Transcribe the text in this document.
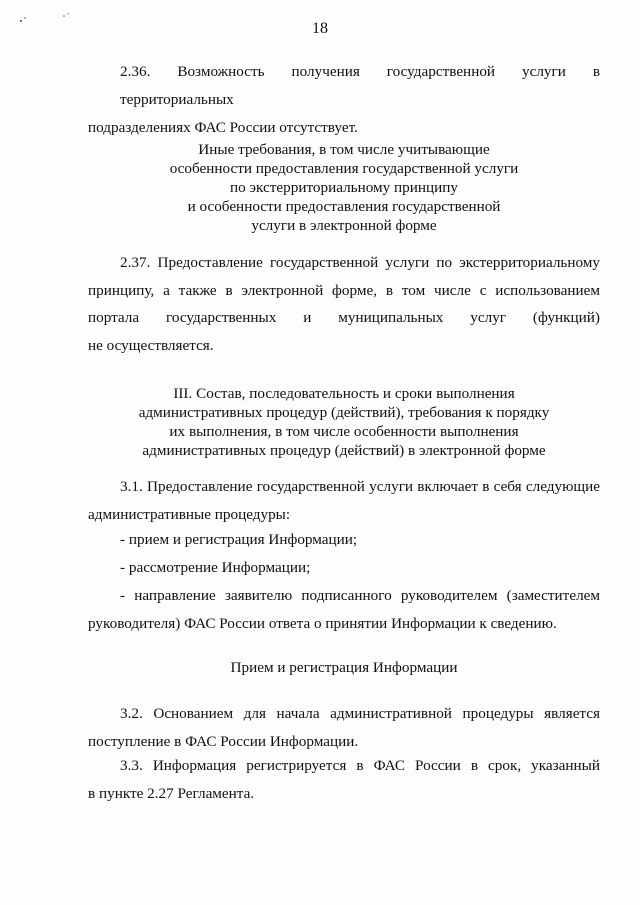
18
2.36. Возможность получения государственной услуги в территориальных
подразделениях ФАС России отсутствует.
Иные требования, в том числе учитывающие
особенности предоставления государственной услуги
по экстерриториальному принципу
и особенности предоставления государственной
услуги в электронной форме
2.37. Предоставление государственной услуги по экстерриториальному
принципу, а также в электронной форме, в том числе с использованием
портала государственных и муниципальных услуг (функций)
не осуществляется.
III. Состав, последовательность и сроки выполнения
административных процедур (действий), требования к порядку
их выполнения, в том числе особенности выполнения
административных процедур (действий) в электронной форме
3.1. Предоставление государственной услуги включает в себя следующие
административные процедуры:
- прием и регистрация Информации;
- рассмотрение Информации;
- направление заявителю подписанного руководителем (заместителем
руководителя) ФАС России ответа о принятии Информации к сведению.
Прием и регистрация Информации
3.2. Основанием для начала административной процедуры является
поступление в ФАС России Информации.
3.3. Информация регистрируется в ФАС России в срок, указанный
в пункте 2.27 Регламента.
